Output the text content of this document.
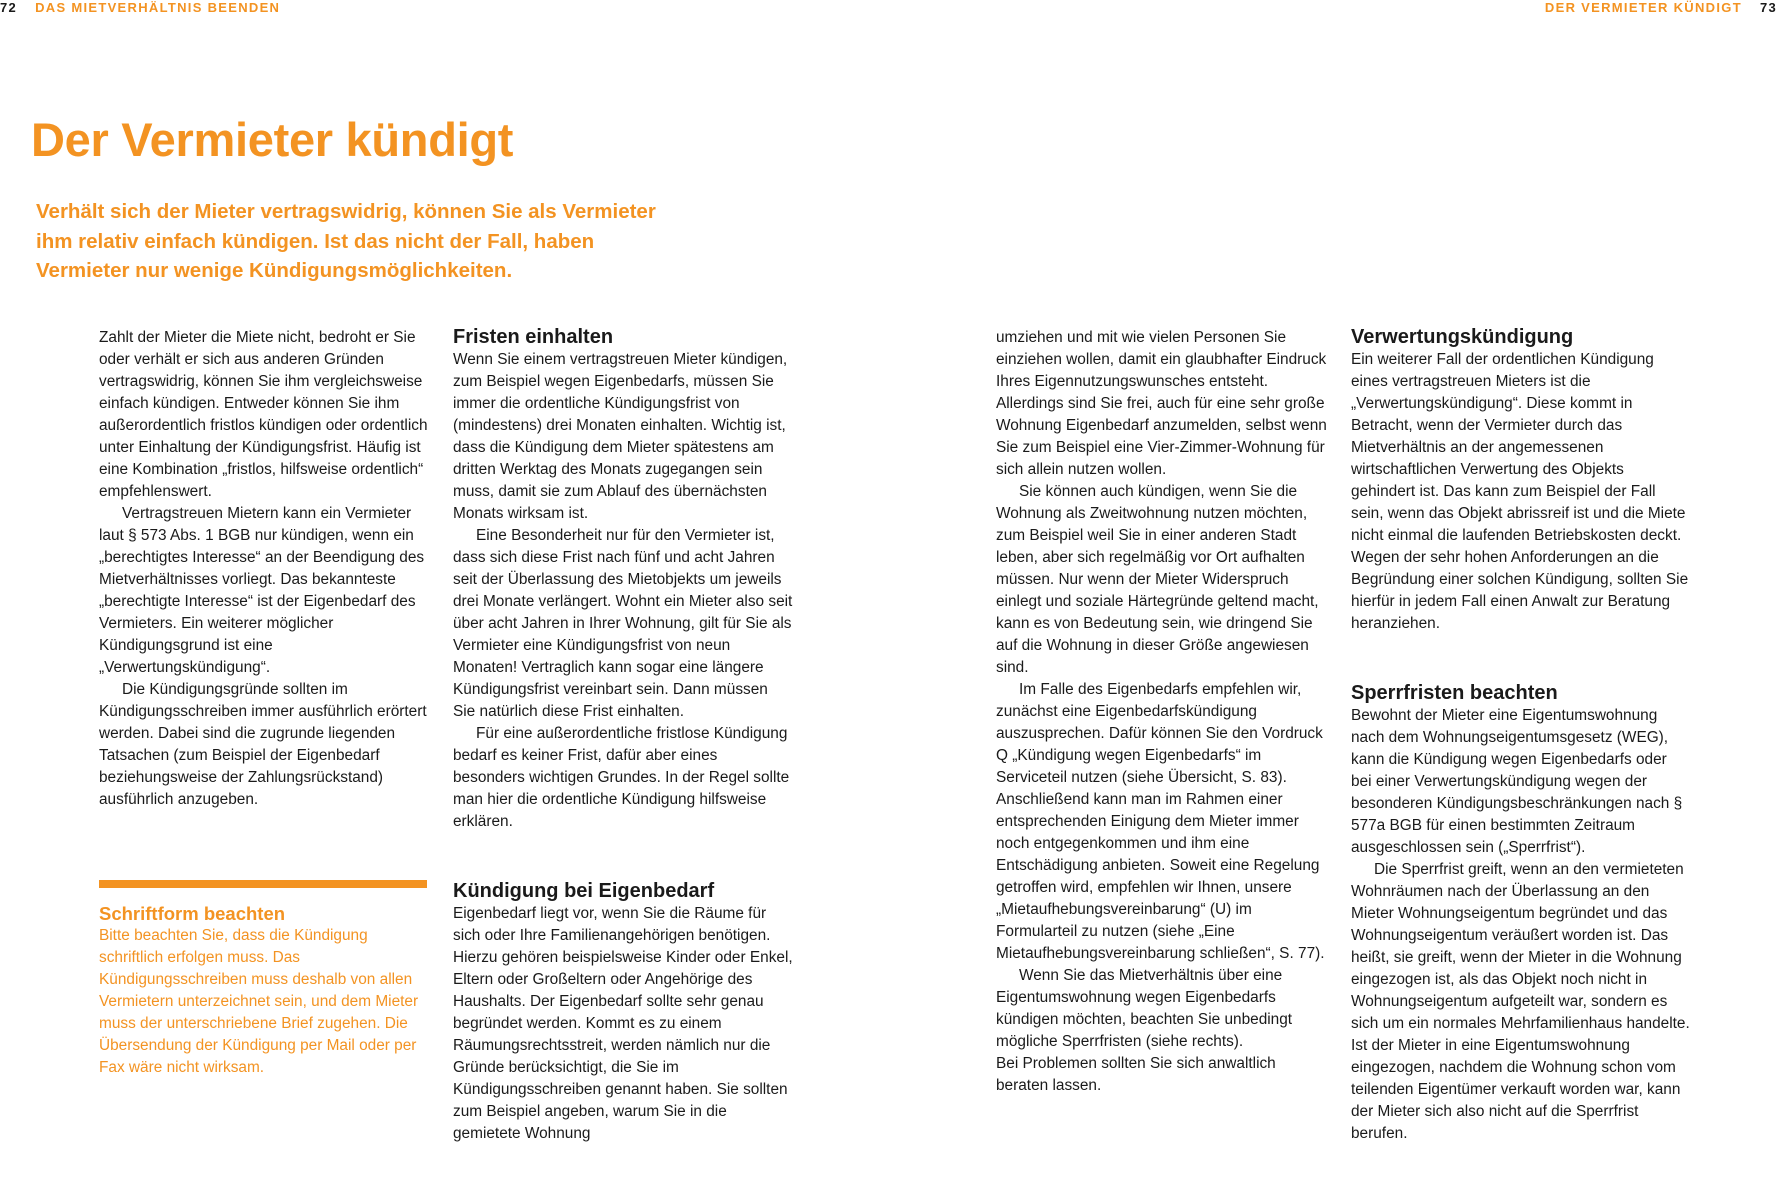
72 DAS MIETVERHÄLTNIS BEENDEN	DER VERMIETER KÜNDIGT 73
Der Vermieter kündigt

Verhält sich der Mieter vertragswidrig, können Sie als Vermieter ihm relativ einfach kündigen. Ist das nicht der Fall, haben Vermieter nur wenige Kündigungsmöglichkeiten.

Zahlt der Mieter die Miete nicht, bedroht er Sie oder verhält er sich aus anderen Gründen vertragswidrig, können Sie ihm vergleichsweise einfach kündigen. Entweder können Sie ihm außerordentlich fristlos kündigen oder ordentlich unter Einhaltung der Kündigungsfrist. Häufig ist eine Kombination „fristlos, hilfsweise ordentlich“ empfehlenswert.

Vertragstreuen Mietern kann ein Vermieter laut § 573 Abs. 1 BGB nur kündigen, wenn ein „berechtigtes Interesse“ an der Beendigung des Mietverhältnisses vorliegt. Das bekannteste „berechtigte Interesse“ ist der Eigenbedarf des Vermieters. Ein weiterer möglicher Kündigungsgrund ist eine „Verwertungskündigung“.

Die Kündigungsgründe sollten im Kündigungsschreiben immer ausführlich erörtert werden. Dabei sind die zugrunde liegenden Tatsachen (zum Beispiel der Eigenbedarf beziehungsweise der Zahlungsrückstand) ausführlich anzugeben.

Schriftform beachten

Bitte beachten Sie, dass die Kündigung schriftlich erfolgen muss. Das Kündigungsschreiben muss deshalb von allen Vermietern unterzeichnet sein, und dem Mieter muss der unterschriebene Brief zugehen. Die Übersendung der Kündigung per Mail oder per Fax wäre nicht wirksam.

Fristen einhalten

Wenn Sie einem vertragstreuen Mieter kündigen, zum Beispiel wegen Eigenbedarfs, müssen Sie immer die ordentliche Kündigungsfrist von (mindestens) drei Monaten einhalten. Wichtig ist, dass die Kündigung dem Mieter spätestens am dritten Werktag des Monats zugegangen sein muss, damit sie zum Ablauf des übernächsten Monats wirksam ist.

Eine Besonderheit nur für den Vermieter ist, dass sich diese Frist nach fünf und acht Jahren seit der Überlassung des Mietobjekts um jeweils drei Monate verlängert. Wohnt ein Mieter also seit über acht Jahren in Ihrer Wohnung, gilt für Sie als Vermieter eine Kündigungsfrist von neun Monaten! Vertraglich kann sogar eine längere Kündigungsfrist vereinbart sein. Dann müssen Sie natürlich diese Frist einhalten.

Für eine außerordentliche fristlose Kündigung bedarf es keiner Frist, dafür aber eines besonders wichtigen Grundes. In der Regel sollte man hier die ordentliche Kündigung hilfsweise erklären.

Kündigung bei Eigenbedarf

Eigenbedarf liegt vor, wenn Sie die Räume für sich oder Ihre Familienangehörigen benötigen. Hierzu gehören beispielsweise Kinder oder Enkel, Eltern oder Großeltern oder Angehörige des Haushalts. Der Eigenbedarf sollte sehr genau begründet werden. Kommt es zu einem Räumungsrechtsstreit, werden nämlich nur die Gründe berücksichtigt, die Sie im Kündigungsschreiben genannt haben. Sie sollten zum Beispiel angeben, warum Sie in die gemietete Wohnung

umziehen und mit wie vielen Personen Sie einziehen wollen, damit ein glaubhafter Eindruck Ihres Eigennutzungswunsches entsteht. Allerdings sind Sie frei, auch für eine sehr große Wohnung Eigenbedarf anzumelden, selbst wenn Sie zum Beispiel eine Vier-Zimmer-Wohnung für sich allein nutzen wollen.

Sie können auch kündigen, wenn Sie die Wohnung als Zweitwohnung nutzen möchten, zum Beispiel weil Sie in einer anderen Stadt leben, aber sich regelmäßig vor Ort aufhalten müssen. Nur wenn der Mieter Widerspruch einlegt und soziale Härtegründe geltend macht, kann es von Bedeutung sein, wie dringend Sie auf die Wohnung in dieser Größe angewiesen sind.

Im Falle des Eigenbedarfs empfehlen wir, zunächst eine Eigenbedarfskündigung auszusprechen. Dafür können Sie den Vordruck Q „Kündigung wegen Eigenbedarfs“ im Serviceteil nutzen (siehe Übersicht, S. 83). Anschließend kann man im Rahmen einer entsprechenden Einigung dem Mieter immer noch entgegenkommen und ihm eine Entschädigung anbieten. Soweit eine Regelung getroffen wird, empfehlen wir Ihnen, unsere „Mietaufhebungsvereinbarung“ (U) im Formularteil zu nutzen (siehe „Eine Mietaufhebungsvereinbarung schließen“, S. 77).

Wenn Sie das Mietverhältnis über eine Eigentumswohnung wegen Eigenbedarfs kündigen möchten, beachten Sie unbedingt mögliche Sperrfristen (siehe rechts).

Bei Problemen sollten Sie sich anwaltlich beraten lassen.

Verwertungskündigung

Ein weiterer Fall der ordentlichen Kündigung eines vertragstreuen Mieters ist die „Verwertungskündigung“. Diese kommt in Betracht, wenn der Vermieter durch das Mietverhältnis an der angemessenen wirtschaftlichen Verwertung des Objekts gehindert ist. Das kann zum Beispiel der Fall sein, wenn das Objekt abrissreif ist und die Miete nicht einmal die laufenden Betriebskosten deckt. Wegen der sehr hohen Anforderungen an die Begründung einer solchen Kündigung, sollten Sie hierfür in jedem Fall einen Anwalt zur Beratung heranziehen.

Sperrfristen beachten

Bewohnt der Mieter eine Eigentumswohnung nach dem Wohnungseigentumsgesetz (WEG), kann die Kündigung wegen Eigenbedarfs oder bei einer Verwertungskündigung wegen der besonderen Kündigungsbeschränkungen nach § 577a BGB für einen bestimmten Zeitraum ausgeschlossen sein („Sperrfrist“).

Die Sperrfrist greift, wenn an den vermieteten Wohnräumen nach der Überlassung an den Mieter Wohnungseigentum begründet und das Wohnungseigentum veräußert worden ist. Das heißt, sie greift, wenn der Mieter in die Wohnung eingezogen ist, als das Objekt noch nicht in Wohnungseigentum aufgeteilt war, sondern es sich um ein normales Mehrfamilienhaus handelte. Ist der Mieter in eine Eigentumswohnung eingezogen, nachdem die Wohnung schon vom teilenden Eigentümer verkauft worden war, kann der Mieter sich also nicht auf die Sperrfrist berufen.
